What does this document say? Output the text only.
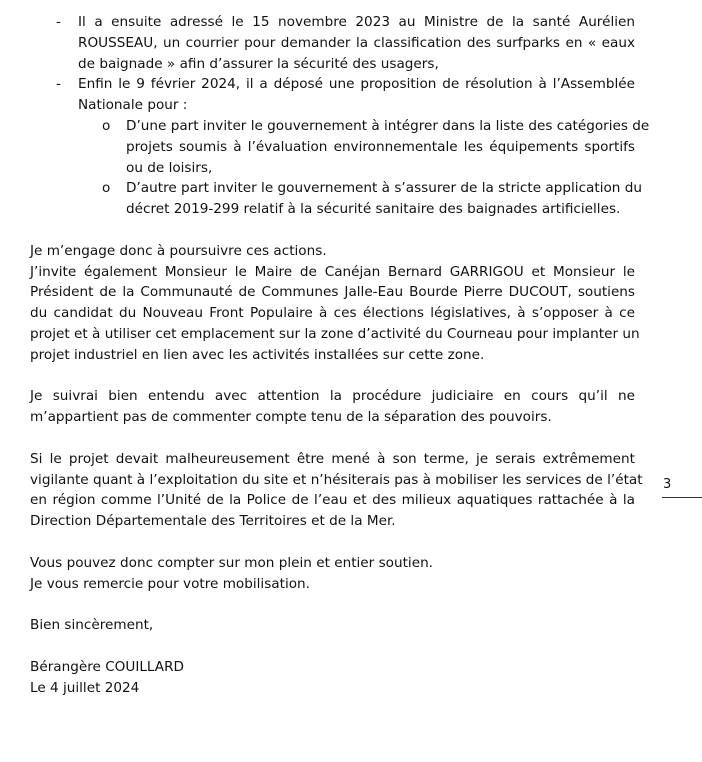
- Il a ensuite adressé le 15 novembre 2023 au Ministre de la santé Aurélien
ROUSSEAU, un courrier pour demander la classification des surfparks en « eaux
de baignade » afin d’assurer la sécurité des usagers,
- Enfin le 9 février 2024, il a déposé une proposition de résolution à l’Assemblée
Nationale pour :
o D’une part inviter le gouvernement à intégrer dans la liste des catégories de
projets soumis à l’évaluation environnementale les équipements sportifs
ou de loisirs,
o D’autre part inviter le gouvernement à s’assurer de la stricte application du
décret 2019-299 relatif à la sécurité sanitaire des baignades artificielles.
Je m’engage donc à poursuivre ces actions.
J’invite également Monsieur le Maire de Canéjan Bernard GARRIGOU et Monsieur le
Président de la Communauté de Communes Jalle-Eau Bourde Pierre DUCOUT, soutiens
du candidat du Nouveau Front Populaire à ces élections législatives, à s’opposer à ce
projet et à utiliser cet emplacement sur la zone d’activité du Courneau pour implanter un
projet industriel en lien avec les activités installées sur cette zone.
Je suivrai bien entendu avec attention la procédure judiciaire en cours qu’il ne
m’appartient pas de commenter compte tenu de la séparation des pouvoirs.
Si le projet devait malheureusement être mené à son terme, je serais extrêmement
vigilante quant à l’exploitation du site et n’hésiterais pas à mobiliser les services de l’état
en région comme l’Unité de la Police de l’eau et des milieux aquatiques rattachée à la
Direction Départementale des Territoires et de la Mer.
Vous pouvez donc compter sur mon plein et entier soutien.
Je vous remercie pour votre mobilisation.
Bien sincèrement,
Bérangère COUILLARD
Le 4 juillet 2024
3
